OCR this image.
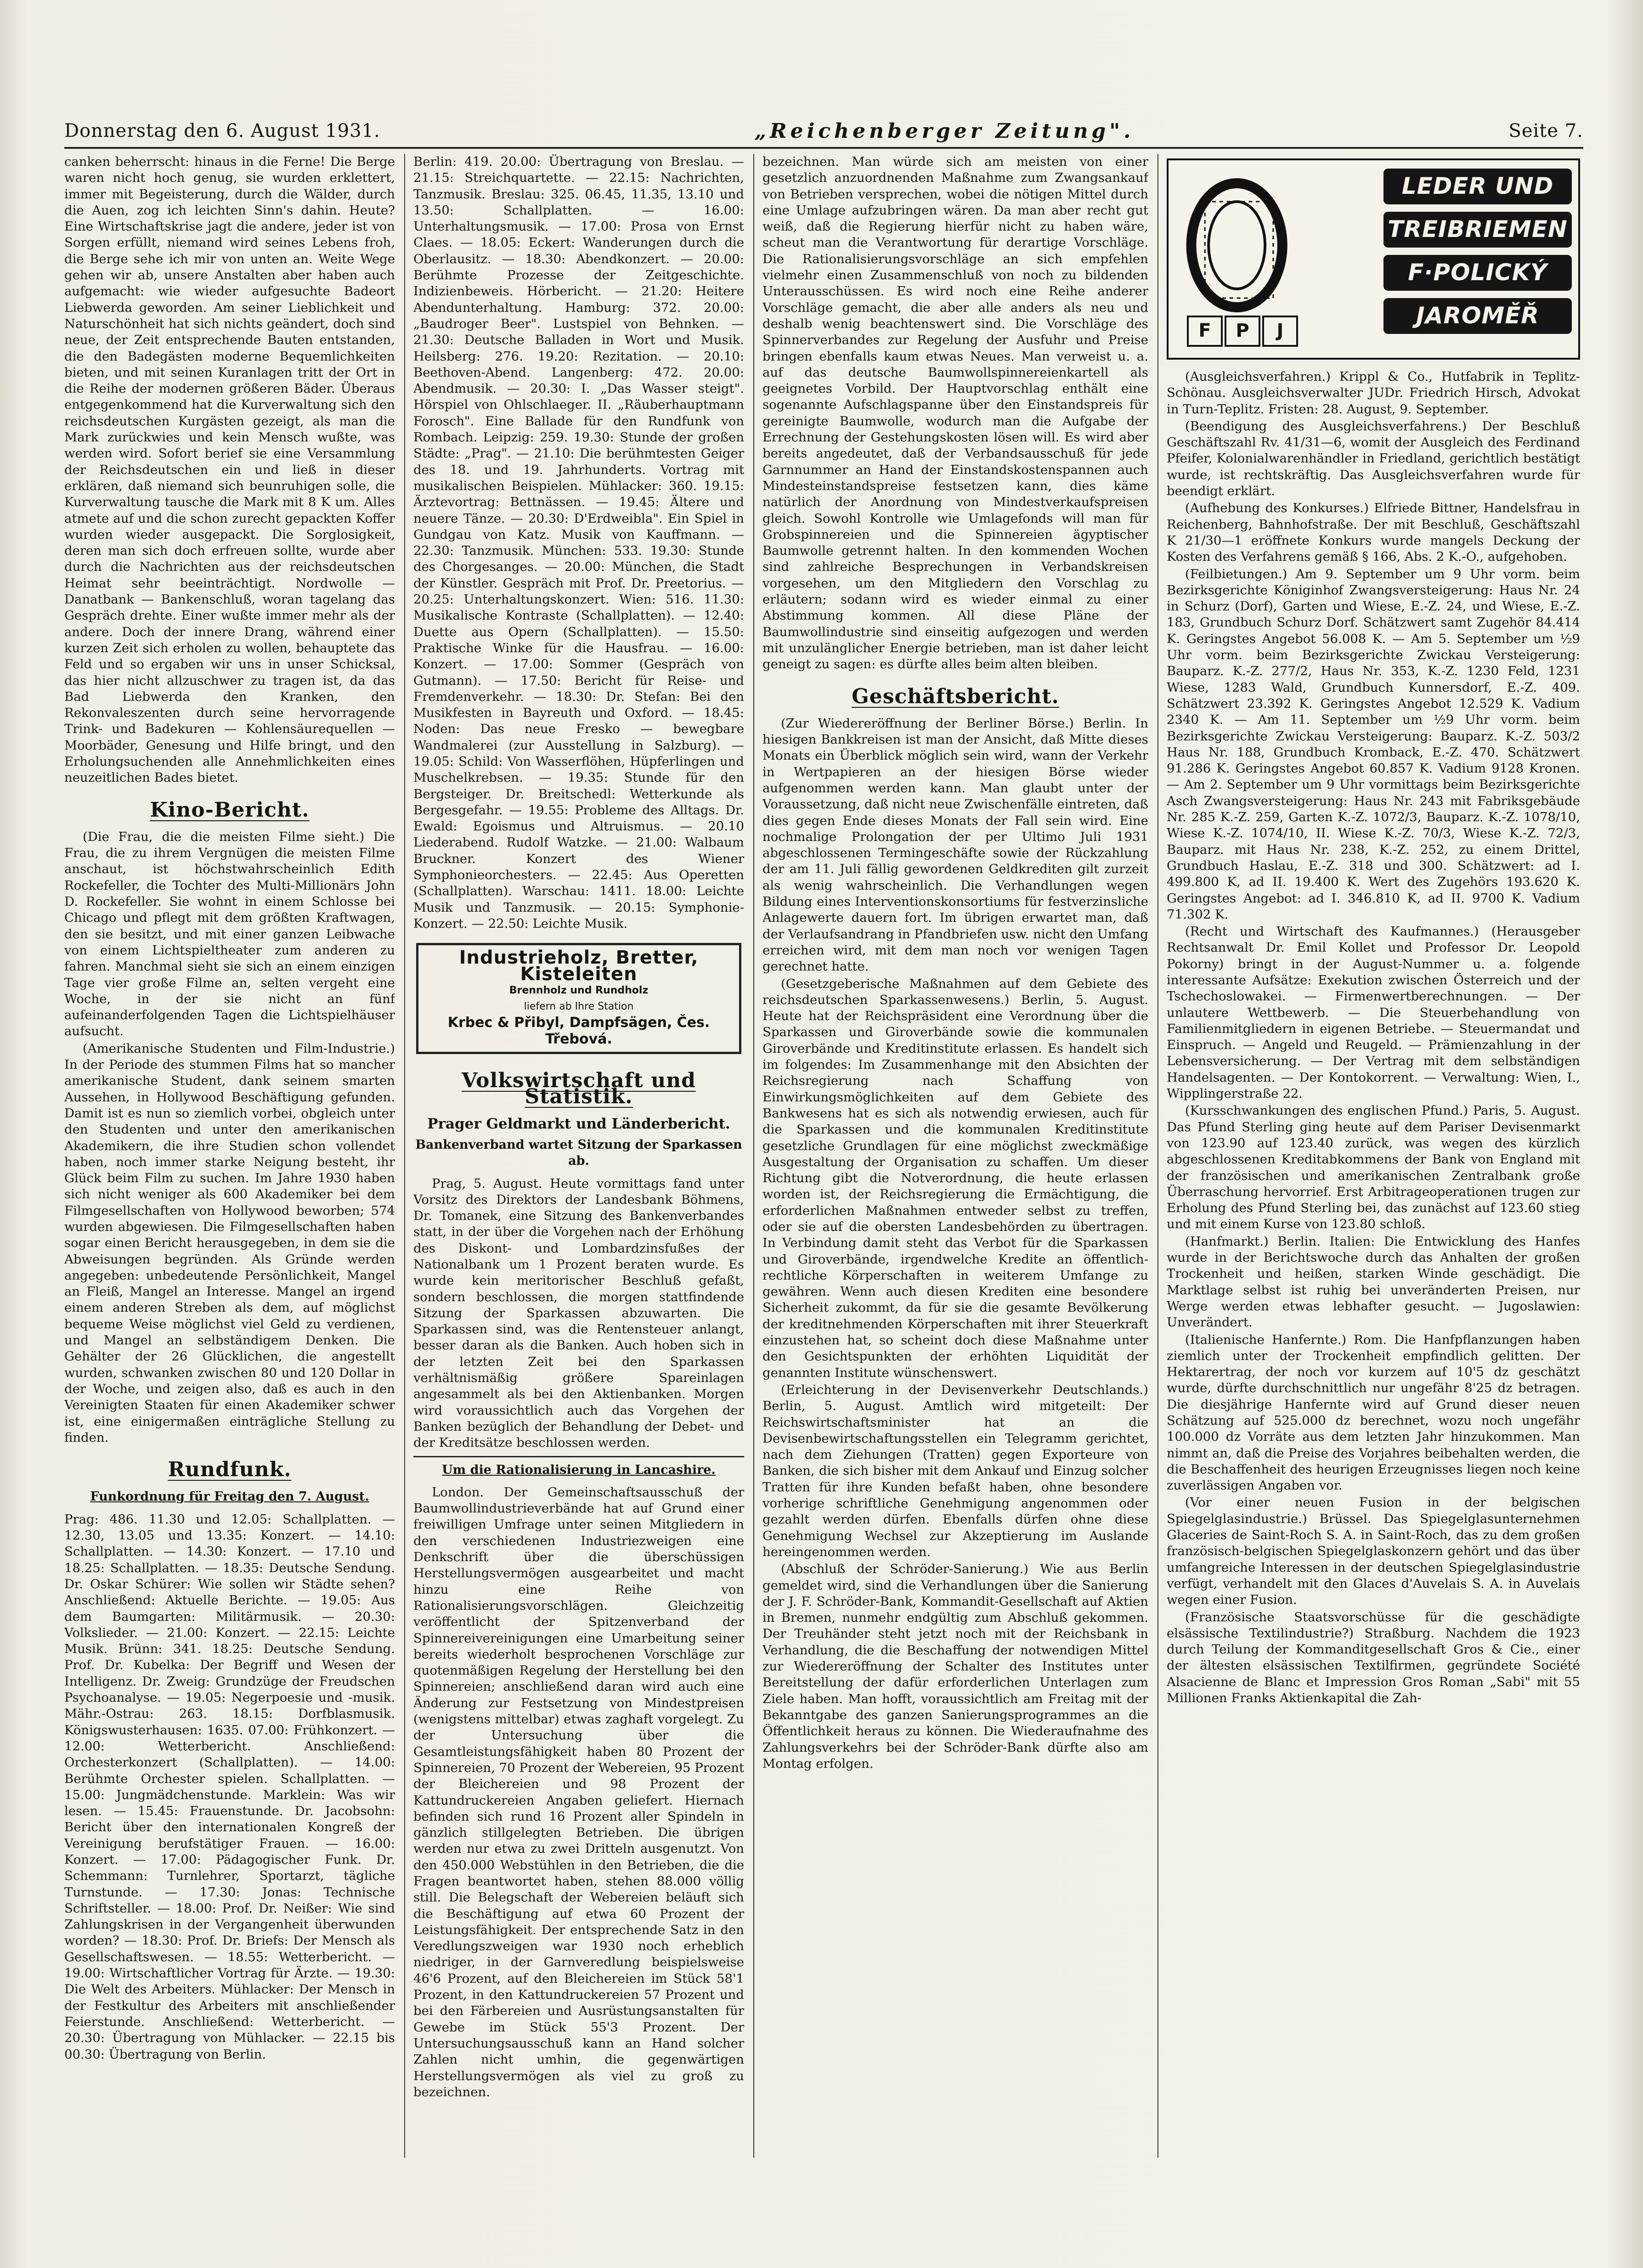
Donnerstag den 6. August 1931.	„Reichenberger Zeitung".	Seite 7.

canken beherrscht: hinaus in die Ferne! Die Berge waren nicht hoch genug, sie wurden erklettert, immer mit Begeisterung, durch die Wälder, durch die Auen, zog ich leichten Sinn's dahin. Heute? Eine Wirtschaftskrise jagt die andere, jeder ist von Sorgen erfüllt, niemand wird seines Lebens froh, die Berge sehe ich mir von unten an. Weite Wege gehen wir ab, unsere Anstalten aber haben auch aufgemacht: wie wieder aufgesuchte Badeort Liebwerda geworden. Am seiner Lieblichkeit und Naturschönheit hat sich nichts geändert, doch sind neue, der Zeit entsprechende Bauten entstanden, die den Badegästen moderne Bequemlichkeiten bieten, und mit seinen Kuranlagen tritt der Ort in die Reihe der modernen größeren Bäder. Überaus entgegenkommend hat die Kurverwaltung sich den reichsdeutschen Kurgästen gezeigt, als man die Mark zurückwies und kein Mensch wußte, was werden wird. Sofort berief sie eine Versammlung der Reichsdeutschen ein und ließ in dieser erklären, daß niemand sich beunruhigen solle, die Kurverwaltung tausche die Mark mit 8 K um. Alles atmete auf und die schon zurecht gepackten Koffer wurden wieder ausgepackt. Die Sorglosigkeit, deren man sich doch erfreuen sollte, wurde aber durch die Nachrichten aus der reichsdeutschen Heimat sehr beeinträchtigt. Nordwolle — Danatbank — Bankenschluß, woran tagelang das Gespräch drehte. Einer wußte immer mehr als der andere. Doch der innere Drang, während einer kurzen Zeit sich erholen zu wollen, behauptete das Feld und so ergaben wir uns in unser Schicksal, das hier nicht allzuschwer zu tragen ist, da das Bad Liebwerda den Kranken, den Rekonvaleszenten durch seine hervorragende Trink- und Badekuren — Kohlensäurequellen — Moorbäder, Genesung und Hilfe bringt, und den Erholungsuchenden alle Annehmlichkeiten eines neuzeitlichen Bades bietet.

Kino-Bericht.

(Die Frau, die die meisten Filme sieht.) Die Frau, die zu ihrem Vergnügen die meisten Filme anschaut, ist höchstwahrscheinlich Edith Rockefeller, die Tochter des Multi-Millionärs John D. Rockefeller. Sie wohnt in einem Schlosse bei Chicago und pflegt mit dem größten Kraftwagen, den sie besitzt, und mit einer ganzen Leibwache von einem Lichtspieltheater zum anderen zu fahren. Manchmal sieht sie sich an einem einzigen Tage vier große Filme an, selten vergeht eine Woche, in der sie nicht an fünf aufeinanderfolgenden Tagen die Lichtspielhäuser aufsucht.

(Amerikanische Studenten und Film-Industrie.) In der Periode des stummen Films hat so mancher amerikanische Student, dank seinem smarten Aussehen, in Hollywood Beschäftigung gefunden. Damit ist es nun so ziemlich vorbei, obgleich unter den Studenten und unter den amerikanischen Akademikern, die ihre Studien schon vollendet haben, noch immer starke Neigung besteht, ihr Glück beim Film zu suchen. Im Jahre 1930 haben sich nicht weniger als 600 Akademiker bei dem Filmgesellschaften von Hollywood beworben; 574 wurden abgewiesen. Die Filmgesellschaften haben sogar einen Bericht herausgegeben, in dem sie die Abweisungen begründen. Als Gründe werden angegeben: unbedeutende Persönlichkeit, Mangel an Fleiß, Mangel an Interesse. Mangel an irgend einem anderen Streben als dem, auf möglichst bequeme Weise möglichst viel Geld zu verdienen, und Mangel an selbständigem Denken. Die Gehälter der 26 Glücklichen, die angestellt wurden, schwanken zwischen 80 und 120 Dollar in der Woche, und zeigen also, daß es auch in den Vereinigten Staaten für einen Akademiker schwer ist, eine einigermaßen einträgliche Stellung zu finden.

Rundfunk.
Funkordnung für Freitag den 7. August.

Prag: 486. 11.30 und 12.05: Schallplatten. — 12.30, 13.05 und 13.35: Konzert. — 14.10: Schallplatten. — 14.30: Konzert. — 17.10 und 18.25: Schallplatten. — 18.35: Deutsche Sendung. Dr. Oskar Schürer: Wie sollen wir Städte sehen? Anschließend: Aktuelle Berichte. — 19.05: Aus dem Baumgarten: Militärmusik. — 20.30: Volkslieder. — 21.00: Konzert. — 22.15: Leichte Musik. Brünn: 341. 18.25: Deutsche Sendung. Prof. Dr. Kubelka: Der Begriff und Wesen der Intelligenz. Dr. Zweig: Grundzüge der Freudschen Psychoanalyse. — 19.05: Negerpoesie und -musik. Mähr.-Ostrau: 263. 18.15: Dorfblasmusik. Königswusterhausen: 1635. 07.00: Frühkonzert. — 12.00: Wetterbericht. Anschließend: Orchesterkonzert (Schallplatten). — 14.00: Berühmte Orchester spielen. Schallplatten. — 15.00: Jungmädchenstunde. Marklein: Was wir lesen. — 15.45: Frauenstunde. Dr. Jacobsohn: Bericht über den internationalen Kongreß der Vereinigung berufstätiger Frauen. — 16.00: Konzert. — 17.00: Pädagogischer Funk. Dr. Schemmann: Turnlehrer, Sportarzt, tägliche Turnstunde. — 17.30: Jonas: Technische Schriftsteller. — 18.00: Prof. Dr. Neißer: Wie sind Zahlungskrisen in der Vergangenheit überwunden worden? — 18.30: Prof. Dr. Briefs: Der Mensch als Gesellschaftswesen. — 18.55: Wetterbericht. — 19.00: Wirtschaftlicher Vortrag für Ärzte. — 19.30: Die Welt des Arbeiters. Mühlacker: Der Mensch in der Festkultur des Arbeiters mit anschließender Feierstunde. Anschließend: Wetterbericht. — 20.30: Übertragung von Mühlacker. — 22.15 bis 00.30: Übertragung von Berlin.

Berlin: 419. 20.00: Übertragung von Breslau. — 21.15: Streichquartette. — 22.15: Nachrichten, Tanzmusik. Breslau: 325. 06.45, 11.35, 13.10 und 13.50: Schallplatten. — 16.00: Unterhaltungsmusik. — 17.00: Prosa von Ernst Claes. — 18.05: Eckert: Wanderungen durch die Oberlausitz. — 18.30: Abendkonzert. — 20.00: Berühmte Prozesse der Zeitgeschichte. Indizienbeweis. Hörbericht. — 21.20: Heitere Abendunterhaltung. Hamburg: 372. 20.00: „Baudroger Beer". Lustspiel von Behnken. — 21.30: Deutsche Balladen in Wort und Musik. Heilsberg: 276. 19.20: Rezitation. — 20.10: Beethoven-Abend. Langenberg: 472. 20.00: Abendmusik. — 20.30: I. „Das Wasser steigt". Hörspiel von Ohlschlaeger. II. „Räuberhauptmann Forosch". Eine Ballade für den Rundfunk von Rombach. Leipzig: 259. 19.30: Stunde der großen Städte: „Prag". — 21.10: Die berühmtesten Geiger des 18. und 19. Jahrhunderts. Vortrag mit musikalischen Beispielen. Mühlacker: 360. 19.15: Ärztevortrag: Bettnässen. — 19.45: Ältere und neuere Tänze. — 20.30: D'Erdweibla". Ein Spiel in Gundgau von Katz. Musik von Kauffmann. — 22.30: Tanzmusik. München: 533. 19.30: Stunde des Chorgesanges. — 20.00: München, die Stadt der Künstler. Gespräch mit Prof. Dr. Preetorius. — 20.25: Unterhaltungskonzert. Wien: 516. 11.30: Musikalische Kontraste (Schallplatten). — 12.40: Duette aus Opern (Schallplatten). — 15.50: Praktische Winke für die Hausfrau. — 16.00: Konzert. — 17.00: Sommer (Gespräch von Gutmann). — 17.50: Bericht für Reise- und Fremdenverkehr. — 18.30: Dr. Stefan: Bei den Musikfesten in Bayreuth und Oxford. — 18.45: Noden: Das neue Fresko — bewegbare Wandmalerei (zur Ausstellung in Salzburg). — 19.05: Schild: Von Wasserflöhen, Hüpferlingen und Muschelkrebsen. — 19.35: Stunde für den Bergsteiger. Dr. Breitschedl: Wetterkunde als Bergesgefahr. — 19.55: Probleme des Alltags. Dr. Ewald: Egoismus und Altruismus. — 20.10 Liederabend. Rudolf Watzke. — 21.00: Walbaum Bruckner. Konzert des Wiener Symphonieorchesters. — 22.45: Aus Operetten (Schallplatten). Warschau: 1411. 18.00: Leichte Musik und Tanzmusik. — 20.15: Symphonie-Konzert. — 22.50: Leichte Musik.

Industrieholz, Bretter, Kisteleiten
Brennholz und Rundholz
liefern ab Ihre Station
Krbec & Přibyl, Dampfsägen, Čes. Třebová.
Volkswirtschaft und Statistik.
Prager Geldmarkt und Länderbericht.
Bankenverband wartet Sitzung der Sparkassen ab.

Prag, 5. August. Heute vormittags fand unter Vorsitz des Direktors der Landesbank Böhmens, Dr. Tomanek, eine Sitzung des Bankenverbandes statt, in der über die Vorgehen nach der Erhöhung des Diskont- und Lombardzinsfußes der Nationalbank um 1 Prozent beraten wurde. Es wurde kein meritorischer Beschluß gefaßt, sondern beschlossen, die morgen stattfindende Sitzung der Sparkassen abzuwarten. Die Sparkassen sind, was die Rentensteuer anlangt, besser daran als die Banken. Auch hoben sich in der letzten Zeit bei den Sparkassen verhältnismäßig größere Spareinlagen angesammelt als bei den Aktienbanken. Morgen wird voraussichtlich auch das Vorgehen der Banken bezüglich der Behandlung der Debet- und der Kreditsätze beschlossen werden.

Um die Rationalisierung in Lancashire.

London. Der Gemeinschaftsausschuß der Baumwollindustrieverbände hat auf Grund einer freiwilligen Umfrage unter seinen Mitgliedern in den verschiedenen Industriezweigen eine Denkschrift über die überschüssigen Herstellungsvermögen ausgearbeitet und macht hinzu eine Reihe von Rationalisierungsvorschlägen. Gleichzeitig veröffentlicht der Spitzenverband der Spinnereivereinigungen eine Umarbeitung seiner bereits wiederholt besprochenen Vorschläge zur quotenmäßigen Regelung der Herstellung bei den Spinnereien; anschließend daran wird auch eine Änderung zur Festsetzung von Mindestpreisen (wenigstens mittelbar) etwas zaghaft vorgelegt. Zu der Untersuchung über die Gesamtleistungsfähigkeit haben 80 Prozent der Spinnereien, 70 Prozent der Webereien, 95 Prozent der Bleichereien und 98 Prozent der Kattundruckereien Angaben geliefert. Hiernach befinden sich rund 16 Prozent aller Spindeln in gänzlich stillgelegten Betrieben. Die übrigen werden nur etwa zu zwei Dritteln ausgenutzt. Von den 450.000 Webstühlen in den Betrieben, die die Fragen beantwortet haben, stehen 88.000 völlig still. Die Belegschaft der Webereien beläuft sich die Beschäftigung auf etwa 60 Prozent der Leistungsfähigkeit. Der entsprechende Satz in den Veredlungszweigen war 1930 noch erheblich niedriger, in der Garnveredlung beispielsweise 46'6 Prozent, auf den Bleichereien im Stück 58'1 Prozent, in den Kattundruckereien 57 Prozent und bei den Färbereien und Ausrüstungsanstalten für Gewebe im Stück 55'3 Prozent. Der Untersuchungsausschuß kann an Hand solcher Zahlen nicht umhin, die gegenwärtigen Herstellungsvermögen als viel zu groß zu bezeichnen.

bezeichnen. Man würde sich am meisten von einer gesetzlich anzuordnenden Maßnahme zum Zwangsankauf von Betrieben versprechen, wobei die nötigen Mittel durch eine Umlage aufzubringen wären. Da man aber recht gut weiß, daß die Regierung hierfür nicht zu haben wäre, scheut man die Verantwortung für derartige Vorschläge. Die Rationalisierungsvorschläge an sich empfehlen vielmehr einen Zusammenschluß von noch zu bildenden Unterausschüssen. Es wird noch eine Reihe anderer Vorschläge gemacht, die aber alle anders als neu und deshalb wenig beachtenswert sind. Die Vorschläge des Spinnerverbandes zur Regelung der Ausfuhr und Preise bringen ebenfalls kaum etwas Neues. Man verweist u. a. auf das deutsche Baumwollspinnereienkartell als geeignetes Vorbild. Der Hauptvorschlag enthält eine sogenannte Aufschlagspanne über den Einstandspreis für gereinigte Baumwolle, wodurch man die Aufgabe der Errechnung der Gestehungskosten lösen will. Es wird aber bereits angedeutet, daß der Verbandsausschuß für jede Garnnummer an Hand der Einstandskostenspannen auch Mindesteinstandspreise festsetzen kann, dies käme natürlich der Anordnung von Mindestverkaufspreisen gleich. Sowohl Kontrolle wie Umlagefonds will man für Grobspinnereien und die Spinnereien ägyptischer Baumwolle getrennt halten. In den kommenden Wochen sind zahlreiche Besprechungen in Verbandskreisen vorgesehen, um den Mitgliedern den Vorschlag zu erläutern; sodann wird es wieder einmal zu einer Abstimmung kommen. All diese Pläne der Baumwollindustrie sind einseitig aufgezogen und werden mit unzulänglicher Energie betrieben, man ist daher leicht geneigt zu sagen: es dürfte alles beim alten bleiben.

Geschäftsbericht.

(Zur Wiedereröffnung der Berliner Börse.) Berlin. In hiesigen Bankkreisen ist man der Ansicht, daß Mitte dieses Monats ein Überblick möglich sein wird, wann der Verkehr in Wertpapieren an der hiesigen Börse wieder aufgenommen werden kann. Man glaubt unter der Voraussetzung, daß nicht neue Zwischenfälle eintreten, daß dies gegen Ende dieses Monats der Fall sein wird. Eine nochmalige Prolongation der per Ultimo Juli 1931 abgeschlossenen Termingeschäfte sowie der Rückzahlung der am 11. Juli fällig gewordenen Geldkrediten gilt zurzeit als wenig wahrscheinlich. Die Verhandlungen wegen Bildung eines Interventionskonsortiums für festverzinsliche Anlagewerte dauern fort. Im übrigen erwartet man, daß der Verlaufsandrang in Pfandbriefen usw. nicht den Umfang erreichen wird, mit dem man noch vor wenigen Tagen gerechnet hatte.

(Gesetzgeberische Maßnahmen auf dem Gebiete des reichsdeutschen Sparkassenwesens.) Berlin, 5. August. Heute hat der Reichspräsident eine Verordnung über die Sparkassen und Giroverbände sowie die kommunalen Giroverbände und Kreditinstitute erlassen. Es handelt sich im folgendes: Im Zusammenhange mit den Absichten der Reichsregierung nach Schaffung von Einwirkungsmöglichkeiten auf dem Gebiete des Bankwesens hat es sich als notwendig erwiesen, auch für die Sparkassen und die kommunalen Kreditinstitute gesetzliche Grundlagen für eine möglichst zweckmäßige Ausgestaltung der Organisation zu schaffen. Um dieser Richtung gibt die Notverordnung, die heute erlassen worden ist, der Reichsregierung die Ermächtigung, die erforderlichen Maßnahmen entweder selbst zu treffen, oder sie auf die obersten Landesbehörden zu übertragen. In Verbindung damit steht das Verbot für die Sparkassen und Giroverbände, irgendwelche Kredite an öffentlich-rechtliche Körperschaften in weiterem Umfange zu gewähren. Wenn auch diesen Krediten eine besondere Sicherheit zukommt, da für sie die gesamte Bevölkerung der kreditnehmenden Körperschaften mit ihrer Steuerkraft einzustehen hat, so scheint doch diese Maßnahme unter den Gesichtspunkten der erhöhten Liquidität der genannten Institute wünschenswert.

(Erleichterung in der Devisenverkehr Deutschlands.) Berlin, 5. August. Amtlich wird mitgeteilt: Der Reichswirtschaftsminister hat an die Devisenbewirtschaftungsstellen ein Telegramm gerichtet, nach dem Ziehungen (Tratten) gegen Exporteure von Banken, die sich bisher mit dem Ankauf und Einzug solcher Tratten für ihre Kunden befaßt haben, ohne besondere vorherige schriftliche Genehmigung angenommen oder gezahlt werden dürfen. Ebenfalls dürfen ohne diese Genehmigung Wechsel zur Akzeptierung im Auslande hereingenommen werden.

(Abschluß der Schröder-Sanierung.) Wie aus Berlin gemeldet wird, sind die Verhandlungen über die Sanierung der J. F. Schröder-Bank, Kommandit-Gesellschaft auf Aktien in Bremen, nunmehr endgültig zum Abschluß gekommen. Der Treuhänder steht jetzt noch mit der Reichsbank in Verhandlung, die die Beschaffung der notwendigen Mittel zur Wiedereröffnung der Schalter des Institutes unter Bereitstellung der dafür erforderlichen Unterlagen zum Ziele haben. Man hofft, voraussichtlich am Freitag mit der Bekanntgabe des ganzen Sanierungsprogrammes an die Öffentlichkeit heraus zu können. Die Wiederaufnahme des Zahlungsverkehrs bei der Schröder-Bank dürfte also am Montag erfolgen.

LEDER UND
TREIBRIEMEN
F·POLICKÝ
JAROMĚŘ
F	P	J

(Ausgleichsverfahren.) Krippl & Co., Hutfabrik in Teplitz-Schönau. Ausgleichsverwalter JUDr. Friedrich Hirsch, Advokat in Turn-Teplitz. Fristen: 28. August, 9. September.

(Beendigung des Ausgleichsverfahrens.) Der Beschluß Geschäftszahl Rv. 41/31—6, womit der Ausgleich des Ferdinand Pfeifer, Kolonialwarenhändler in Friedland, gerichtlich bestätigt wurde, ist rechtskräftig. Das Ausgleichsverfahren wurde für beendigt erklärt.

(Aufhebung des Konkurses.) Elfriede Bittner, Handelsfrau in Reichenberg, Bahnhofstraße. Der mit Beschluß, Geschäftszahl K 21/30—1 eröffnete Konkurs wurde mangels Deckung der Kosten des Verfahrens gemäß § 166, Abs. 2 K.-O., aufgehoben.

(Feilbietungen.) Am 9. September um 9 Uhr vorm. beim Bezirksgerichte Königinhof Zwangsversteigerung: Haus Nr. 24 in Schurz (Dorf), Garten und Wiese, E.-Z. 24, und Wiese, E.-Z. 183, Grundbuch Schurz Dorf. Schätzwert samt Zugehör 84.414 K. Geringstes Angebot 56.008 K. — Am 5. September um ½9 Uhr vorm. beim Bezirksgerichte Zwickau Versteigerung: Bauparz. K.-Z. 277/2, Haus Nr. 353, K.-Z. 1230 Feld, 1231 Wiese, 1283 Wald, Grundbuch Kunnersdorf, E.-Z. 409. Schätzwert 23.392 K. Geringstes Angebot 12.529 K. Vadium 2340 K. — Am 11. September um ½9 Uhr vorm. beim Bezirksgerichte Zwickau Versteigerung: Bauparz. K.-Z. 503/2 Haus Nr. 188, Grundbuch Kromback, E.-Z. 470. Schätzwert 91.286 K. Geringstes Angebot 60.857 K. Vadium 9128 Kronen. — Am 2. September um 9 Uhr vormittags beim Bezirksgerichte Asch Zwangsversteigerung: Haus Nr. 243 mit Fabriksgebäude Nr. 285 K.-Z. 259, Garten K.-Z. 1072/3, Bauparz. K.-Z. 1078/10, Wiese K.-Z. 1074/10, II. Wiese K.-Z. 70/3, Wiese K.-Z. 72/3, Bauparz. mit Haus Nr. 238, K.-Z. 252, zu einem Drittel, Grundbuch Haslau, E.-Z. 318 und 300. Schätzwert: ad I. 499.800 K, ad II. 19.400 K. Wert des Zugehörs 193.620 K. Geringstes Angebot: ad I. 346.810 K, ad II. 9700 K. Vadium 71.302 K.

(Recht und Wirtschaft des Kaufmannes.) (Herausgeber Rechtsanwalt Dr. Emil Kollet und Professor Dr. Leopold Pokorny) bringt in der August-Nummer u. a. folgende interessante Aufsätze: Exekution zwischen Österreich und der Tschechoslowakei. — Firmenwertberechnungen. — Der unlautere Wettbewerb. — Die Steuerbehandlung von Familienmitgliedern in eigenen Betriebe. — Steuermandat und Einspruch. — Angeld und Reugeld. — Prämienzahlung in der Lebensversicherung. — Der Vertrag mit dem selbständigen Handelsagenten. — Der Kontokorrent. — Verwaltung: Wien, I., Wipplingerstraße 22.

(Kursschwankungen des englischen Pfund.) Paris, 5. August. Das Pfund Sterling ging heute auf dem Pariser Devisenmarkt von 123.90 auf 123.40 zurück, was wegen des kürzlich abgeschlossenen Kreditabkommens der Bank von England mit der französischen und amerikanischen Zentralbank große Überraschung hervorrief. Erst Arbitrageoperationen trugen zur Erholung des Pfund Sterling bei, das zunächst auf 123.60 stieg und mit einem Kurse von 123.80 schloß.

(Hanfmarkt.) Berlin. Italien: Die Entwicklung des Hanfes wurde in der Berichtswoche durch das Anhalten der großen Trockenheit und heißen, starken Winde geschädigt. Die Marktlage selbst ist ruhig bei unveränderten Preisen, nur Werge werden etwas lebhafter gesucht. — Jugoslawien: Unverändert.

(Italienische Hanfernte.) Rom. Die Hanfpflanzungen haben ziemlich unter der Trockenheit empfindlich gelitten. Der Hektarertrag, der noch vor kurzem auf 10'5 dz geschätzt wurde, dürfte durchschnittlich nur ungefähr 8'25 dz betragen. Die diesjährige Hanfernte wird auf Grund dieser neuen Schätzung auf 525.000 dz berechnet, wozu noch ungefähr 100.000 dz Vorräte aus dem letzten Jahr hinzukommen. Man nimmt an, daß die Preise des Vorjahres beibehalten werden, die die Beschaffenheit des heurigen Erzeugnisses liegen noch keine zuverlässigen Angaben vor.

(Vor einer neuen Fusion in der belgischen Spiegelglasindustrie.) Brüssel. Das Spiegelglasunternehmen Glaceries de Saint-Roch S. A. in Saint-Roch, das zu dem großen französisch-belgischen Spiegelglaskonzern gehört und das über umfangreiche Interessen in der deutschen Spiegelglasindustrie verfügt, verhandelt mit den Glaces d'Auvelais S. A. in Auvelais wegen einer Fusion.

(Französische Staatsvorschüsse für die geschädigte elsässische Textilindustrie?) Straßburg. Nachdem die 1923 durch Teilung der Kommanditgesellschaft Gros & Cie., einer der ältesten elsässischen Textilfirmen, gegründete Société Alsacienne de Blanc et Impression Gros Roman „Sabi" mit 55 Millionen Franks Aktienkapital die Zah-
